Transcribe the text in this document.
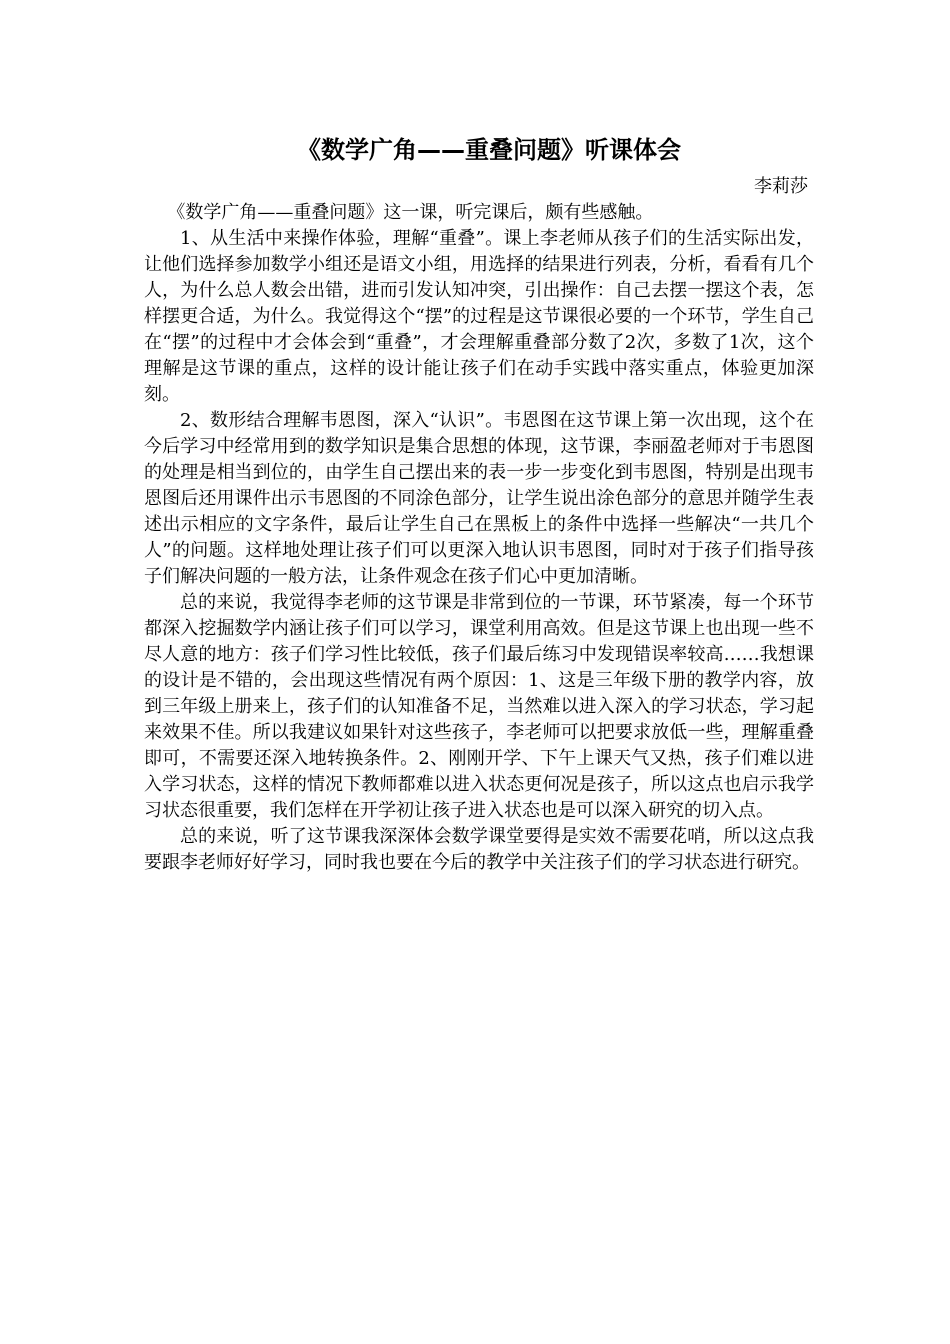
《数学广角——重叠问题》听课体会

李莉莎

《数学广角——重叠问题》这一课，听完课后，颇有些感触。

1、从生活中来操作体验，理解“重叠”。课上李老师从孩子们的生活实际出发，让他们选择参加数学小组还是语文小组，用选择的结果进行列表，分析，看看有几个人，为什么总人数会出错，进而引发认知冲突，引出操作：自己去摆一摆这个表，怎样摆更合适，为什么。我觉得这个“摆”的过程是这节课很必要的一个环节，学生自己在“摆”的过程中才会体会到“重叠”，才会理解重叠部分数了2次，多数了1次，这个理解是这节课的重点，这样的设计能让孩子们在动手实践中落实重点，体验更加深刻。

2、数形结合理解韦恩图，深入“认识”。韦恩图在这节课上第一次出现，这个在今后学习中经常用到的数学知识是集合思想的体现，这节课，李丽盈老师对于韦恩图的处理是相当到位的，由学生自己摆出来的表一步一步变化到韦恩图，特别是出现韦恩图后还用课件出示韦恩图的不同涂色部分，让学生说出涂色部分的意思并随学生表述出示相应的文字条件，最后让学生自己在黑板上的条件中选择一些解决“一共几个人”的问题。这样地处理让孩子们可以更深入地认识韦恩图，同时对于孩子们指导孩子们解决问题的一般方法，让条件观念在孩子们心中更加清晰。

总的来说，我觉得李老师的这节课是非常到位的一节课，环节紧凑，每一个环节都深入挖掘数学内涵让孩子们可以学习，课堂利用高效。但是这节课上也出现一些不尽人意的地方：孩子们学习性比较低，孩子们最后练习中发现错误率较高……我想课的设计是不错的，会出现这些情况有两个原因：1、这是三年级下册的教学内容，放到三年级上册来上，孩子们的认知准备不足，当然难以进入深入的学习状态，学习起来效果不佳。所以我建议如果针对这些孩子，李老师可以把要求放低一些，理解重叠即可，不需要还深入地转换条件。2、刚刚开学、下午上课天气又热，孩子们难以进入学习状态，这样的情况下教师都难以进入状态更何况是孩子，所以这点也启示我学习状态很重要，我们怎样在开学初让孩子进入状态也是可以深入研究的切入点。

总的来说，听了这节课我深深体会数学课堂要得是实效不需要花哨，所以这点我要跟李老师好好学习，同时我也要在今后的教学中关注孩子们的学习状态进行研究。
